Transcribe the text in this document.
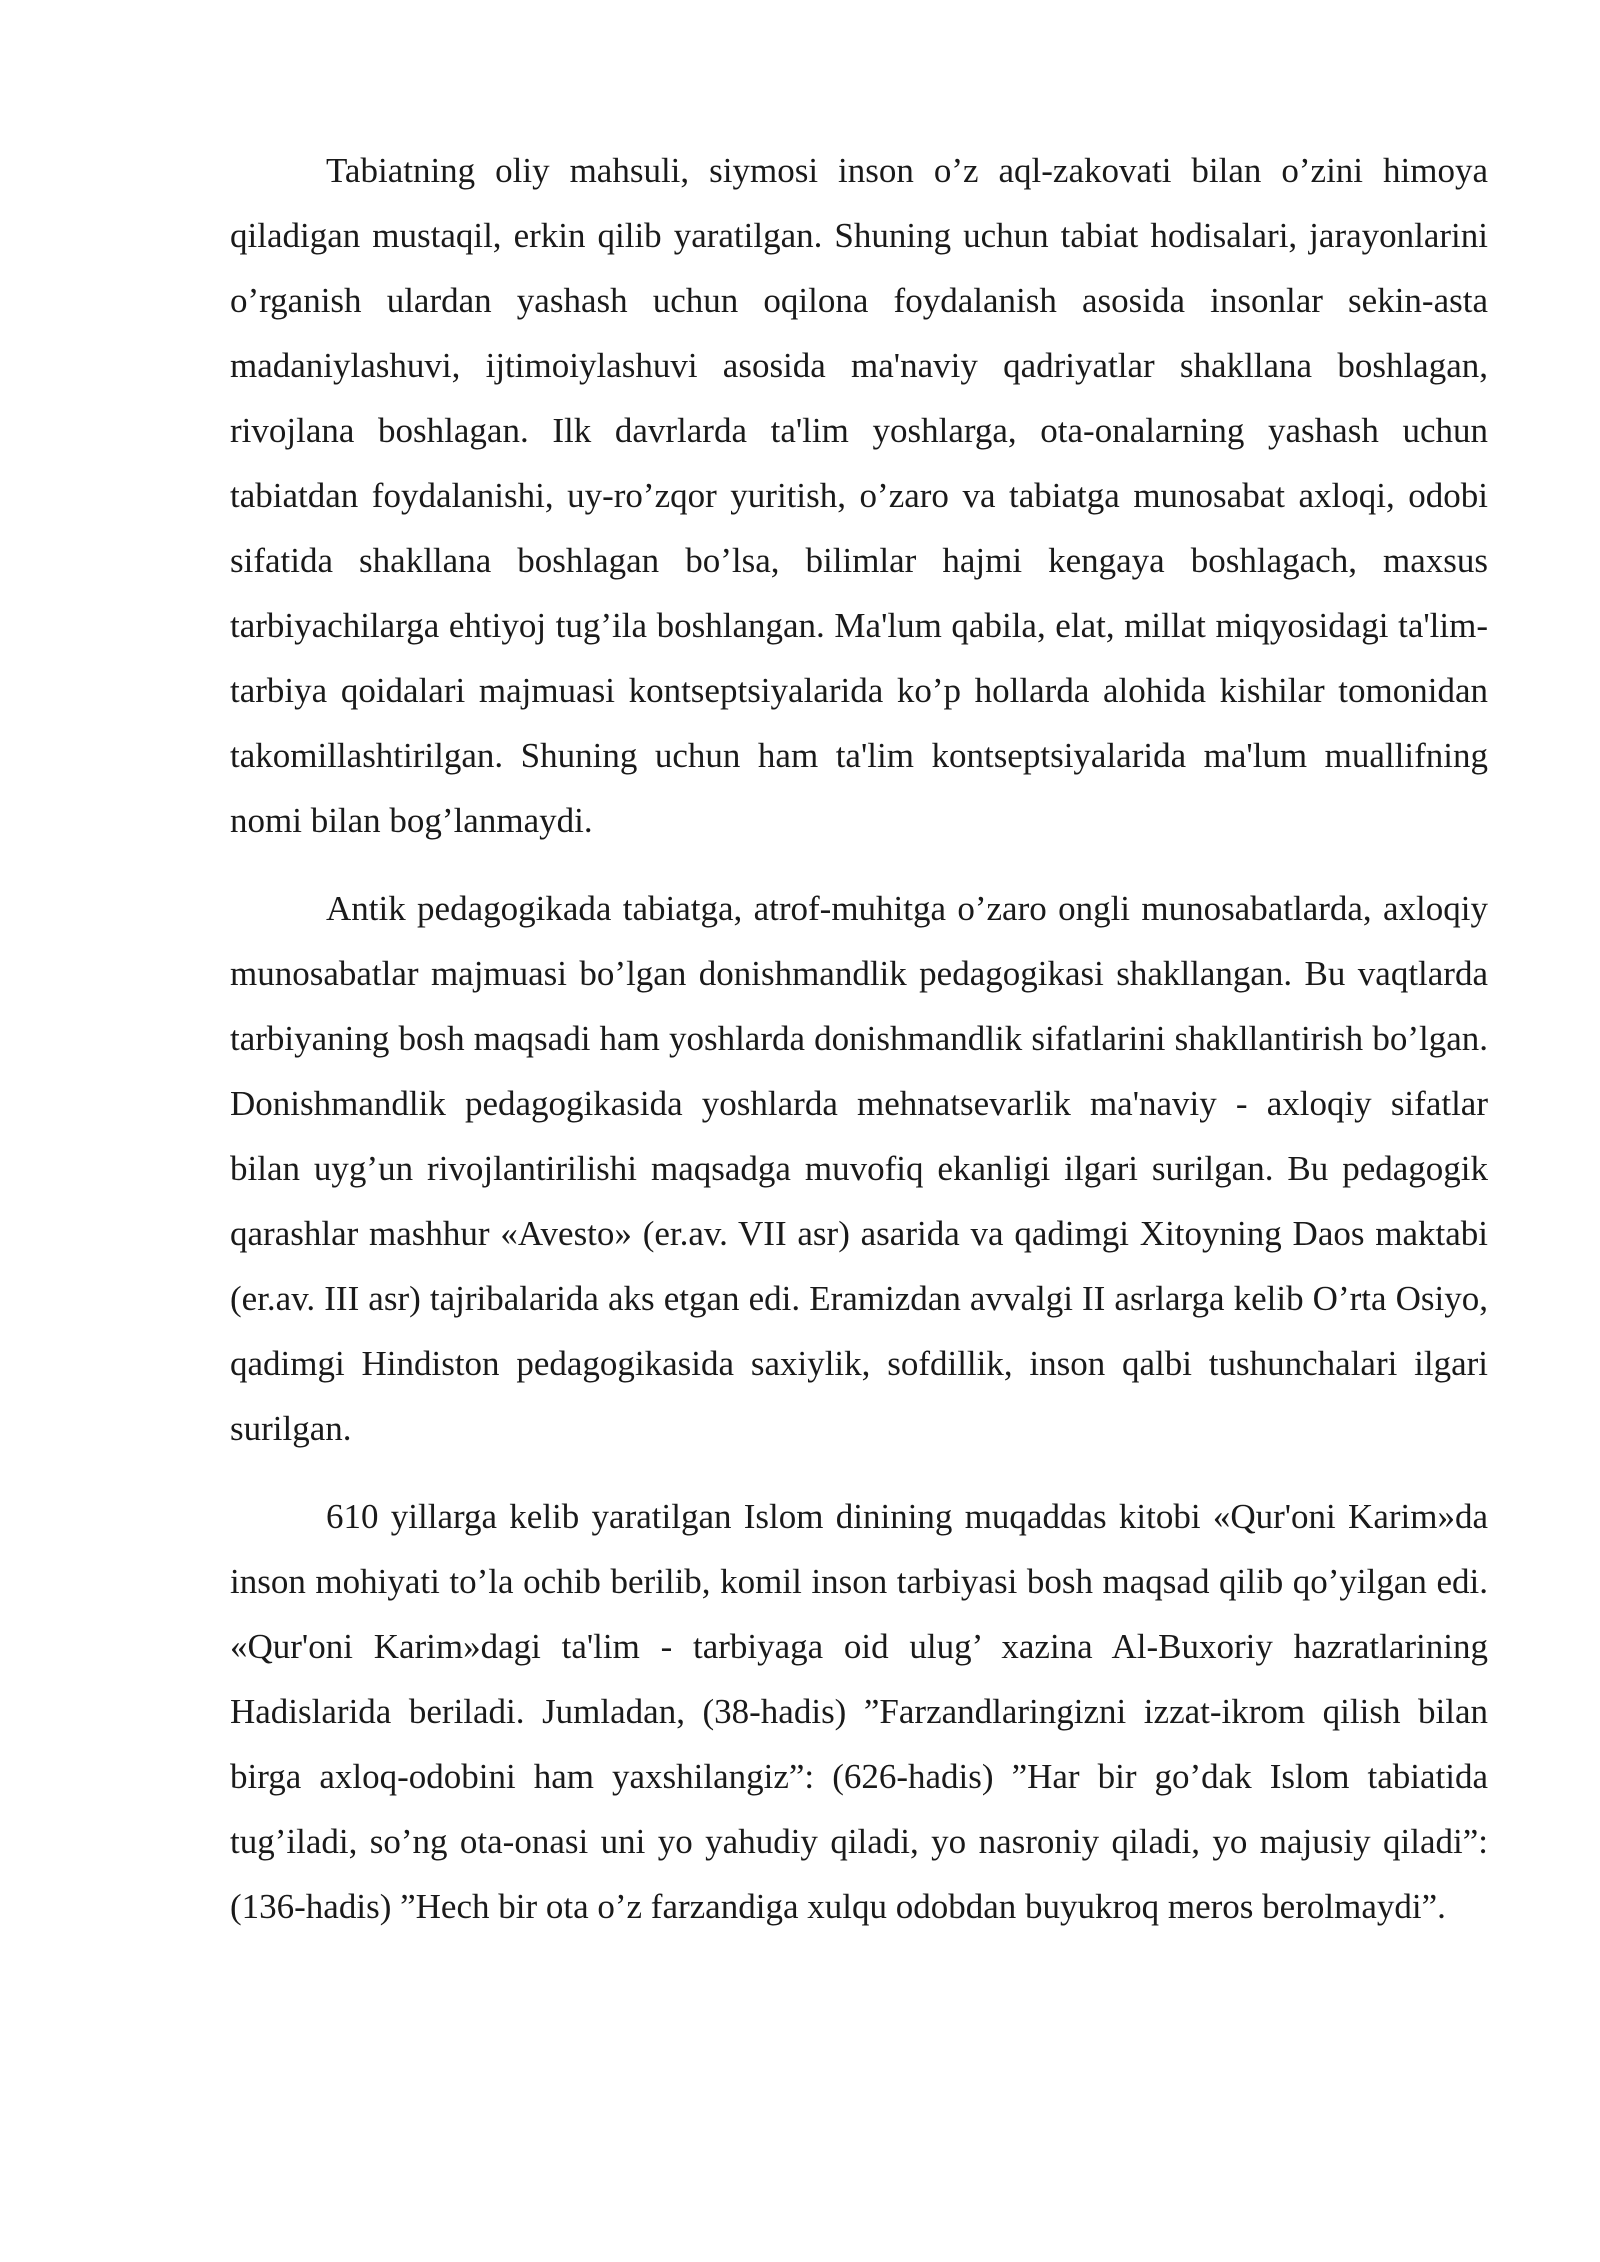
Tabiatning oliy mahsuli, siymosi inson o’z aql-zakovati bilan o’zini himoya qiladigan mustaqil, erkin qilib yaratilgan. Shuning uchun tabiat hodisalari, jarayonlarini o’rganish ulardan yashash uchun oqilona foydalanish asosida insonlar sekin-asta madaniylashuvi, ijtimoiylashuvi asosida ma'naviy qadriyatlar shakllana boshlagan, rivojlana boshlagan. Ilk davrlarda ta'lim yoshlarga, ota-onalarning yashash uchun tabiatdan foydalanishi, uy-ro’zqor yuritish, o’zaro va tabiatga munosabat axloqi, odobi sifatida shakllana boshlagan bo’lsa, bilimlar hajmi kengaya boshlagach, maxsus tarbiyachilarga ehtiyoj tug’ila boshlangan. Ma'lum qabila, elat, millat miqyosidagi ta'lim-tarbiya qoidalari majmuasi kontseptsiyalarida ko’p hollarda alohida kishilar tomonidan takomillashtirilgan. Shuning uchun ham ta'lim kontseptsiyalarida ma'lum muallifning nomi bilan bog’lanmaydi.

Antik pedagogikada tabiatga, atrof-muhitga o’zaro ongli munosabatlarda, axloqiy munosabatlar majmuasi bo’lgan donishmandlik pedagogikasi shakllangan. Bu vaqtlarda tarbiyaning bosh maqsadi ham yoshlarda donishmandlik sifatlarini shakllantirish bo’lgan. Donishmandlik pedagogikasida yoshlarda mehnatsevarlik ma'naviy - axloqiy sifatlar bilan uyg’un rivojlantirilishi maqsadga muvofiq ekanligi ilgari surilgan. Bu pedagogik qarashlar mashhur «Avesto» (er.av. VII asr) asarida va qadimgi Xitoyning Daos maktabi (er.av. III asr) tajribalarida aks etgan edi. Eramizdan avvalgi II asrlarga kelib O’rta Osiyo, qadimgi Hindiston pedagogikasida saxiylik, sofdillik, inson qalbi tushunchalari ilgari surilgan.

610 yillarga kelib yaratilgan Islom dinining muqaddas kitobi «Qur'oni Karim»da inson mohiyati to’la ochib berilib, komil inson tarbiyasi bosh maqsad qilib qo’yilgan edi. «Qur'oni Karim»dagi ta'lim - tarbiyaga oid ulug’ xazina Al-Buxoriy hazratlarining Hadislarida beriladi. Jumladan, (38-hadis) ”Farzandlaringizni izzat-ikrom qilish bilan birga axloq-odobini ham yaxshilangiz”: (626-hadis) ”Har bir go’dak Islom tabiatida tug’iladi, so’ng ota-onasi uni yo yahudiy qiladi, yo nasroniy qiladi, yo majusiy qiladi”: (136-hadis) ”Hech bir ota o’z farzandiga xulqu odobdan buyukroq meros berolmaydi”.
